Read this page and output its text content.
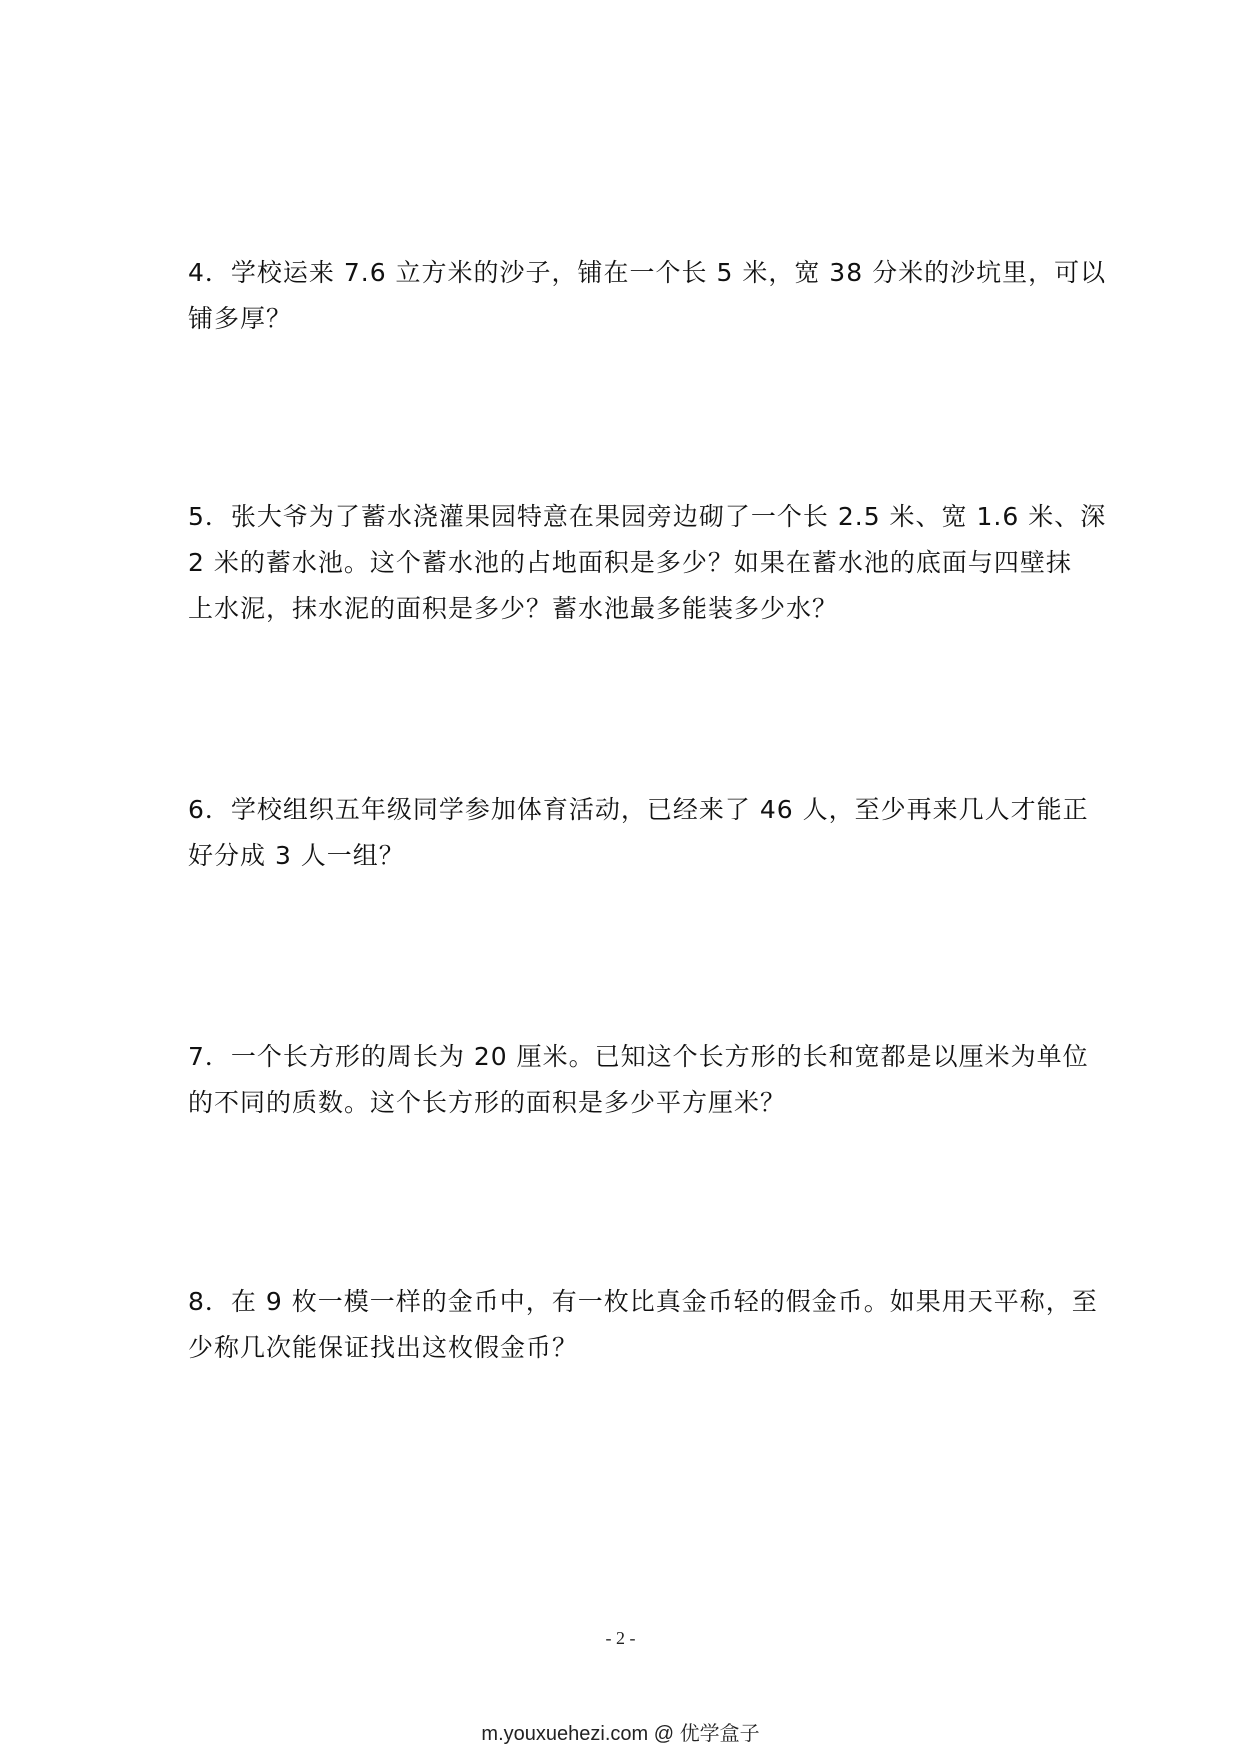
4．学校运来 7.6 立方米的沙子，铺在一个长 5 米，宽 38 分米的沙坑里，可以
铺多厚？
5．张大爷为了蓄水浇灌果园特意在果园旁边砌了一个长 2.5 米、宽 1.6 米、深
2 米的蓄水池。这个蓄水池的占地面积是多少？如果在蓄水池的底面与四壁抹
上水泥，抹水泥的面积是多少？蓄水池最多能装多少水？
6．学校组织五年级同学参加体育活动，已经来了 46 人，至少再来几人才能正
好分成 3 人一组？
7．一个长方形的周长为 20 厘米。已知这个长方形的长和宽都是以厘米为单位
的不同的质数。这个长方形的面积是多少平方厘米？
8．在 9 枚一模一样的金币中，有一枚比真金币轻的假金币。如果用天平称，至
少称几次能保证找出这枚假金币？
- 2 -
m.youxuehezi.com @ 优学盒子
